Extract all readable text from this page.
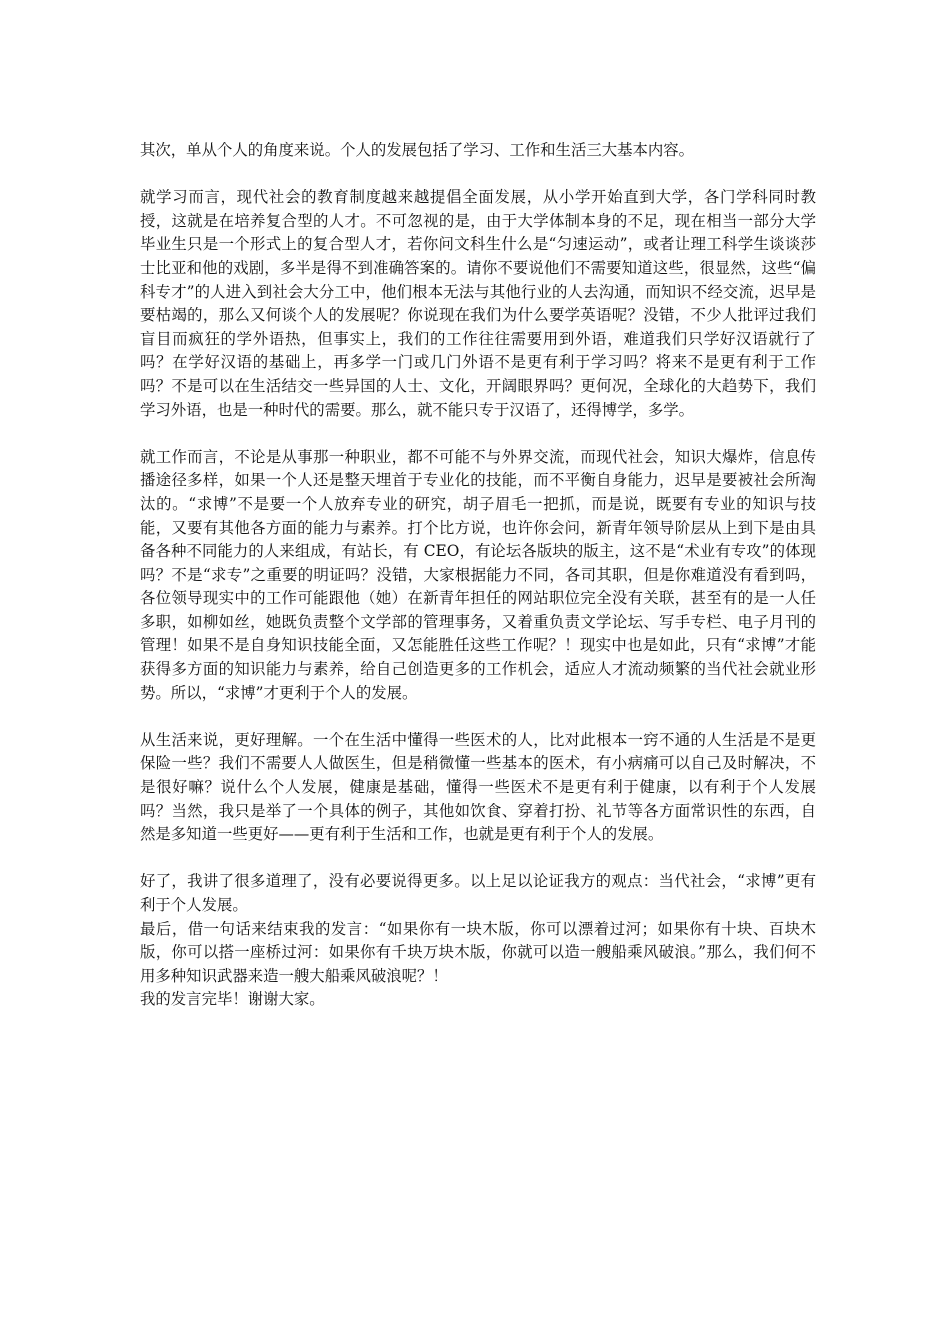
其次，单从个人的角度来说。个人的发展包括了学习、工作和生活三大基本内容。

就学习而言，现代社会的教育制度越来越提倡全面发展，从小学开始直到大学，各门学科同时教授，这就是在培养复合型的人才。不可忽视的是，由于大学体制本身的不足，现在相当一部分大学毕业生只是一个形式上的复合型人才，若你问文科生什么是“匀速运动”，或者让理工科学生谈谈莎士比亚和他的戏剧，多半是得不到准确答案的。请你不要说他们不需要知道这些，很显然，这些“偏科专才”的人进入到社会大分工中，他们根本无法与其他行业的人去沟通，而知识不经交流，迟早是要枯竭的，那么又何谈个人的发展呢？你说现在我们为什么要学英语呢？没错，不少人批评过我们盲目而疯狂的学外语热，但事实上，我们的工作往往需要用到外语，难道我们只学好汉语就行了吗？在学好汉语的基础上，再多学一门或几门外语不是更有利于学习吗？将来不是更有利于工作吗？不是可以在生活结交一些异国的人士、文化，开阔眼界吗？更何况，全球化的大趋势下，我们学习外语，也是一种时代的需要。那么，就不能只专于汉语了，还得博学，多学。

就工作而言，不论是从事那一种职业，都不可能不与外界交流，而现代社会，知识大爆炸，信息传播途径多样，如果一个人还是整天埋首于专业化的技能，而不平衡自身能力，迟早是要被社会所淘汰的。“求博”不是要一个人放弃专业的研究，胡子眉毛一把抓，而是说，既要有专业的知识与技能，又要有其他各方面的能力与素养。打个比方说，也许你会问，新青年领导阶层从上到下是由具备各种不同能力的人来组成，有站长，有 CEO，有论坛各版块的版主，这不是“术业有专攻”的体现吗？不是“求专”之重要的明证吗？没错，大家根据能力不同，各司其职，但是你难道没有看到吗，各位领导现实中的工作可能跟他（她）在新青年担任的网站职位完全没有关联，甚至有的是一人任多职，如柳如丝，她既负责整个文学部的管理事务，又着重负责文学论坛、写手专栏、电子月刊的管理！如果不是自身知识技能全面，又怎能胜任这些工作呢？！现实中也是如此，只有“求博”才能获得多方面的知识能力与素养，给自己创造更多的工作机会，适应人才流动频繁的当代社会就业形势。所以，“求博”才更利于个人的发展。

从生活来说，更好理解。一个在生活中懂得一些医术的人，比对此根本一窍不通的人生活是不是更保险一些？我们不需要人人做医生，但是稍微懂一些基本的医术，有小病痛可以自己及时解决，不是很好嘛？说什么个人发展，健康是基础，懂得一些医术不是更有利于健康，以有利于个人发展吗？当然，我只是举了一个具体的例子，其他如饮食、穿着打扮、礼节等各方面常识性的东西，自然是多知道一些更好——更有利于生活和工作，也就是更有利于个人的发展。

好了，我讲了很多道理了，没有必要说得更多。以上足以论证我方的观点：当代社会，“求博”更有利于个人发展。

最后，借一句话来结束我的发言：“如果你有一块木版，你可以漂着过河；如果你有十块、百块木版，你可以搭一座桥过河：如果你有千块万块木版，你就可以造一艘船乘风破浪。”那么，我们何不用多种知识武器来造一艘大船乘风破浪呢？！

我的发言完毕！谢谢大家。
